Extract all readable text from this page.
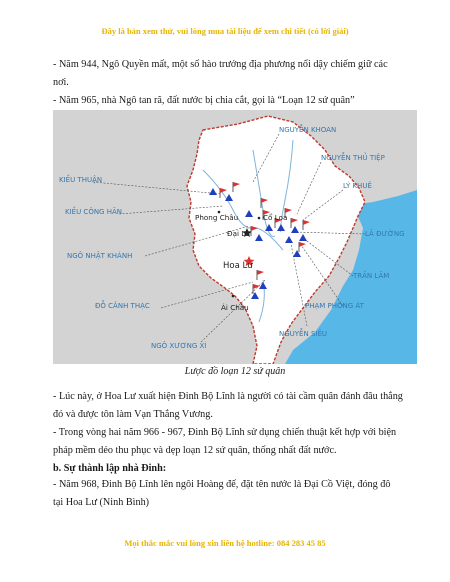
Đây là bản xem thử, vui lòng mua tài liệu để xem chi tiết (có lời giải)
- Năm 944, Ngô Quyền mất, một số hào trưởng địa phương nổi dậy chiếm giữ các nơi.
- Năm 965, nhà Ngô tan rã, đất nước bị chia cắt, gọi là “Loạn 12 sứ quân”
NGUYỄN KHOAN
NGUYỄN THỦ TIỆP
LÝ KHUÊ
KIỀU THUẬN
KIỀU CÔNG HÃN
LÃ ĐƯỜNG
NGÔ NHẬT KHÁNH
TRẦN LÃM
ĐỖ CẢNH THẠC	PHẠM PHÒNG ÁT
NGUYỄN SIÊU
NGÔ XƯƠNG XÍ
Phong Châu	Cổ Loa
Đại La
Hoa Lư
Ái Châu
Lược đồ loạn 12 sứ quân
- Lúc này, ở Hoa Lư xuất hiện Đinh Bộ Lĩnh là người có tài cầm quân đánh đâu thắng đó và được tôn làm Vạn Thắng Vương.
- Trong vòng hai năm 966 - 967, Đinh Bộ Lĩnh sử dụng chiến thuật kết hợp với biện pháp mềm dẻo thu phục và dẹp loạn 12 sứ quân, thống nhất đất nước.
b. Sự thành lập nhà Đinh:
- Năm 968, Đinh Bộ Lĩnh lên ngôi Hoàng đế, đặt tên nước là Đại Cồ Việt, đóng đô tại Hoa Lư (Ninh Bình)
Mọi thắc mắc vui lòng xin liên hệ hotline: 084 283 45 85
